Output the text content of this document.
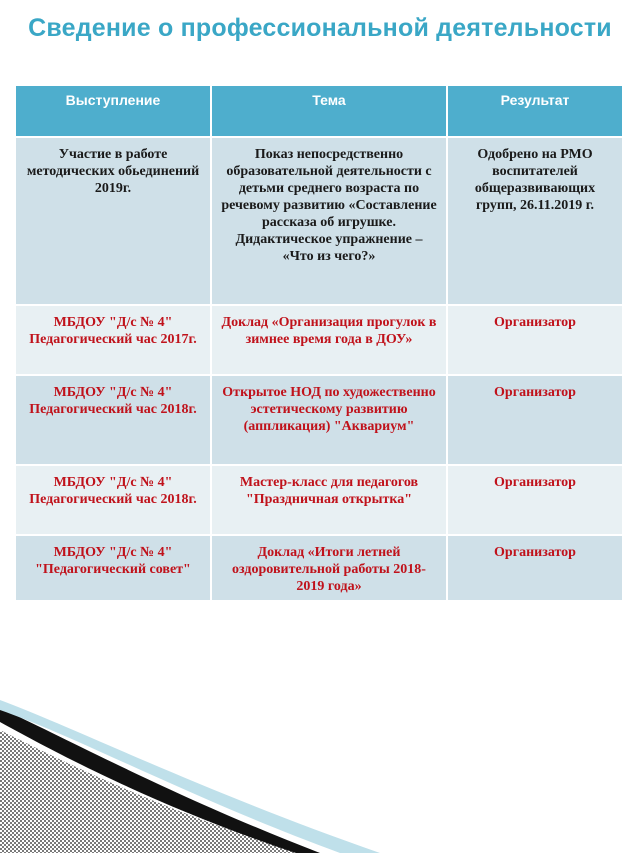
Сведение о профессиональной деятельности
Выступление	Тема	Результат
Участие в работе методических обьединений 2019г.	Показ непосредственно образовательной деятельности с детьми среднего возраста по речевому развитию «Составление рассказа об игрушке. Дидактическое упражнение – «Что из чего?»	Одобрено на РМО воспитателей общеразвивающих групп, 26.11.2019 г.
МБДОУ "Д/с № 4" Педагогический час 2017г.	Доклад «Организация прогулок в зимнее время года в ДОУ»	Организатор
МБДОУ "Д/с № 4" Педагогический час 2018г.	Открытое НОД по художественно эстетическому развитию (аппликация) "Аквариум"	Организатор
МБДОУ "Д/с № 4" Педагогический час 2018г.	Мастер-класс для педагогов "Праздничная открытка"	Организатор
МБДОУ "Д/с № 4" "Педагогический совет"	Доклад «Итоги летней оздоровительной работы 2018-2019 года»	Организатор
